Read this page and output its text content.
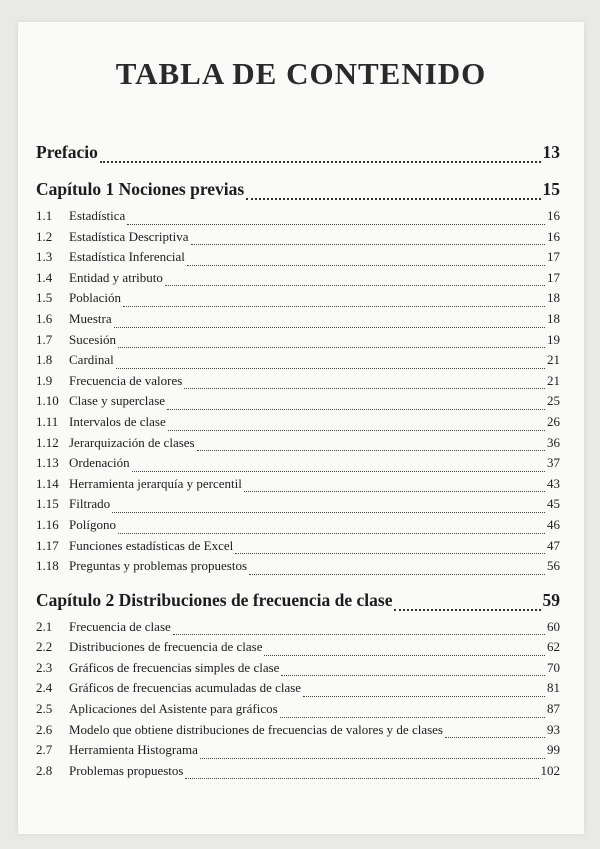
TABLA DE CONTENIDO
Prefacio	13
Capítulo 1 Nociones previas	15
1.1	Estadística	16
1.2	Estadística Descriptiva	16
1.3	Estadística Inferencial	17
1.4	Entidad y atributo	17
1.5	Población	18
1.6	Muestra	18
1.7	Sucesión	19
1.8	Cardinal	21
1.9	Frecuencia de valores	21
1.10 Clase y superclase	25
1.11 Intervalos de clase	26
1.12 Jerarquización de clases	36
1.13 Ordenación	37
1.14 Herramienta jerarquía y percentil	43
1.15 Filtrado	45
1.16 Polígono	46
1.17 Funciones estadísticas de Excel	47
1.18 Preguntas y problemas propuestos	56
Capítulo 2 Distribuciones de frecuencia de clase	59
2.1	Frecuencia de clase	60
2.2	Distribuciones de frecuencia de clase	62
2.3	Gráficos de frecuencias simples de clase	70
2.4	Gráficos de frecuencias acumuladas de clase	81
2.5	Aplicaciones del Asistente para gráficos	87
2.6	Modelo que obtiene distribuciones de frecuencias de valores y de clases	93
2.7	Herramienta Histograma	99
2.8	Problemas propuestos	102
